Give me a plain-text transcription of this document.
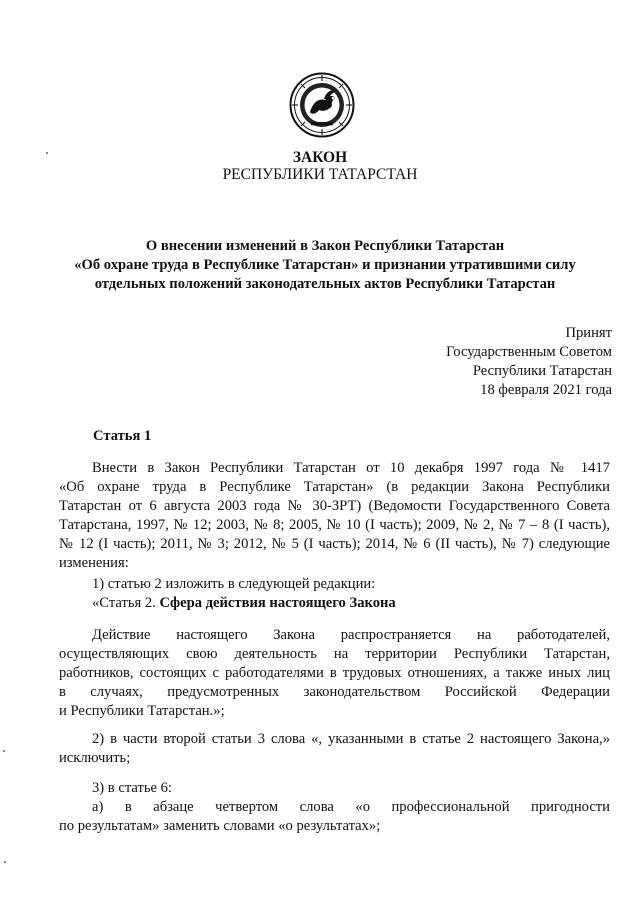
ЗАКОН
РЕСПУБЛИКИ ТАТАРСТАН
О внесении изменений в Закон Республики Татарстан
«Об охране труда в Республике Татарстан» и признании утратившими силу
отдельных положений законодательных актов Республики Татарстан
Принят
Государственным Советом
Республики Татарстан
18 февраля 2021 года
Статья 1
Внести в Закон Республики Татарстан от 10 декабря 1997 года № 1417
«Об охране труда в Республике Татарстан» (в редакции Закона Республики
Татарстан от 6 августа 2003 года № 30-ЗРТ) (Ведомости Государственного Совета
Татарстана, 1997, № 12; 2003, № 8; 2005, № 10 (I часть); 2009, № 2, № 7 – 8 (I часть),
№ 12 (I часть); 2011, № 3; 2012, № 5 (I часть); 2014, № 6 (II часть), № 7) следующие
изменения:
1) статью 2 изложить в следующей редакции:
«Статья 2. Сфера действия настоящего Закона
Действие настоящего Закона распространяется на работодателей,
осуществляющих свою деятельность на территории Республики Татарстан,
работников, состоящих с работодателями в трудовых отношениях, а также иных лиц
в случаях, предусмотренных законодательством Российской Федерации
и Республики Татарстан.»;
2) в части второй статьи 3 слова «, указанными в статье 2 настоящего Закона,»
исключить;
3) в статье 6:
а) в абзаце четвертом слова «о профессиональной пригодности
по результатам» заменить словами «о результатах»;
